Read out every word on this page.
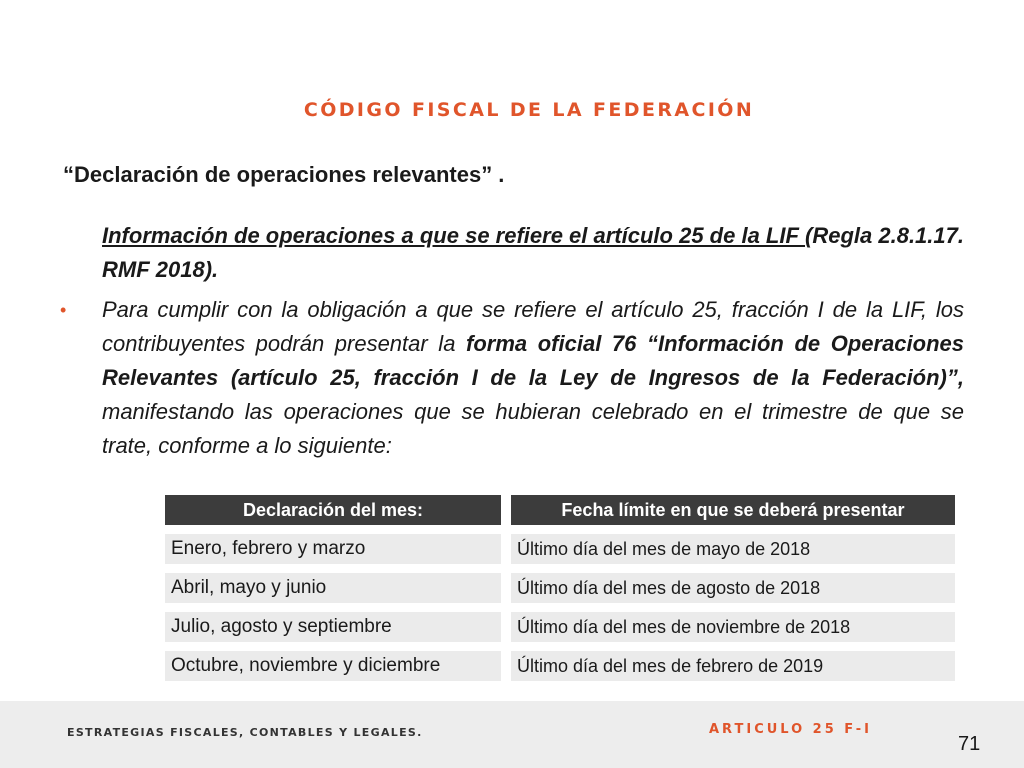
CÓDIGO FISCAL DE LA FEDERACIÓN
“Declaración de operaciones relevantes” .
Información de operaciones a que se refiere el artículo 25 de la LIF (Regla 2.8.1.17. RMF 2018).
• Para cumplir con la obligación a que se refiere el artículo 25, fracción I de la LIF, los contribuyentes podrán presentar la forma oficial 76 “Información de Operaciones Relevantes (artículo 25, fracción I de la Ley de Ingresos de la Federación)”, manifestando las operaciones que se hubieran celebrado en el trimestre de que se trate, conforme a lo siguiente:
Declaración del mes:	Fecha límite en que se deberá presentar
Enero, febrero y marzo	Último día del mes de mayo de 2018
Abril, mayo y junio	Último día del mes de agosto de 2018
Julio, agosto y septiembre	Último día del mes de noviembre de 2018
Octubre, noviembre y diciembre	Último día del mes de febrero de 2019
ESTRATEGIAS FISCALES, CONTABLES Y LEGALES.	ARTICULO 25 F-I
71
